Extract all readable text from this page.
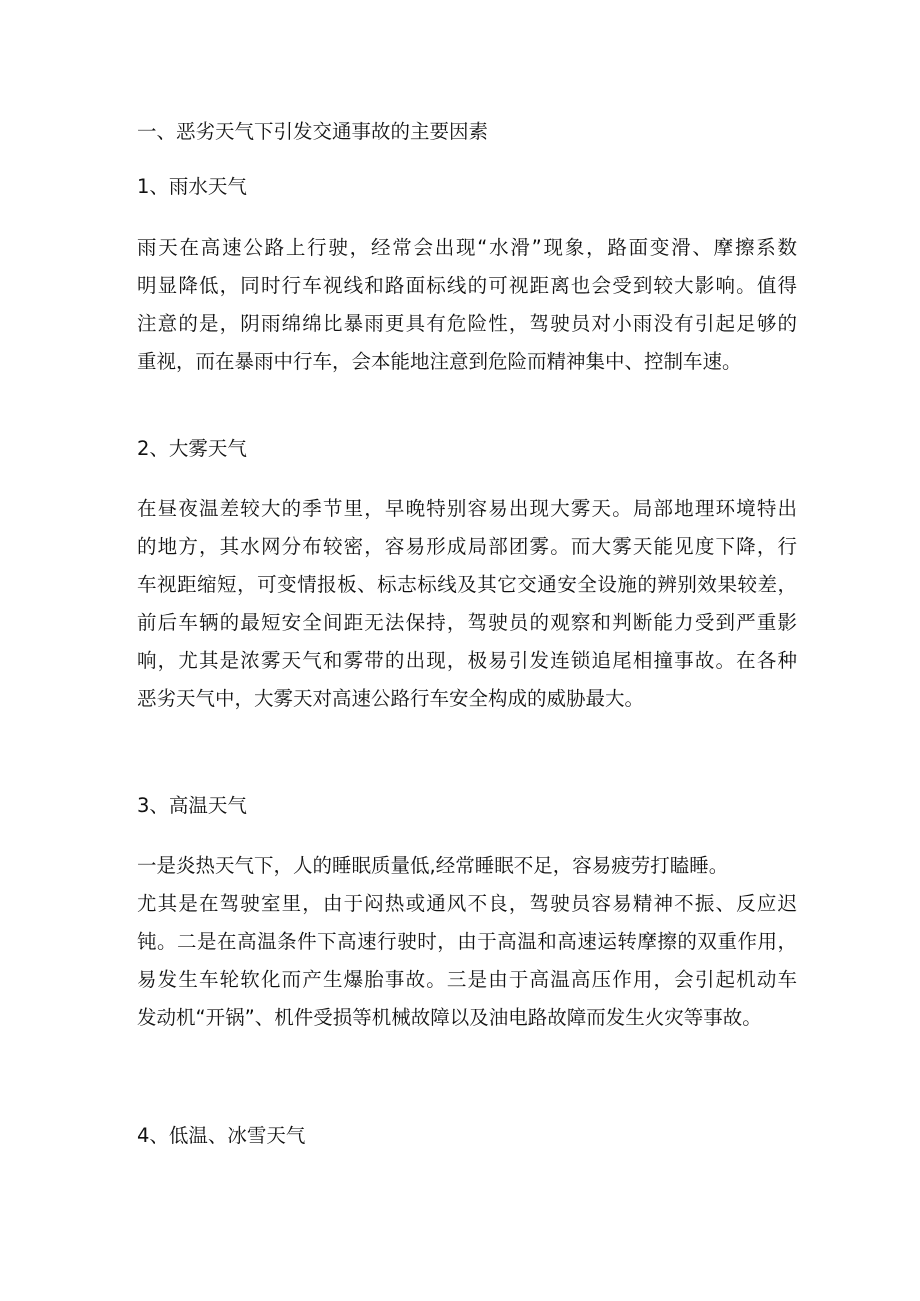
一、恶劣天气下引发交通事故的主要因素
1、雨水天气
雨天在高速公路上行驶，经常会出现“水滑”现象，路面变滑、摩擦系数
明显降低，同时行车视线和路面标线的可视距离也会受到较大影响。值得
注意的是，阴雨绵绵比暴雨更具有危险性，驾驶员对小雨没有引起足够的
重视，而在暴雨中行车，会本能地注意到危险而精神集中、控制车速。
2、大雾天气
在昼夜温差较大的季节里，早晚特别容易出现大雾天。局部地理环境特出
的地方，其水网分布较密，容易形成局部团雾。而大雾天能见度下降，行
车视距缩短，可变情报板、标志标线及其它交通安全设施的辨别效果较差，
前后车辆的最短安全间距无法保持，驾驶员的观察和判断能力受到严重影
响，尤其是浓雾天气和雾带的出现，极易引发连锁追尾相撞事故。在各种
恶劣天气中，大雾天对高速公路行车安全构成的威胁最大。
3、高温天气
一是炎热天气下，人的睡眠质量低,经常睡眠不足，容易疲劳打瞌睡。
尤其是在驾驶室里，由于闷热或通风不良，驾驶员容易精神不振、反应迟
钝。二是在高温条件下高速行驶时，由于高温和高速运转摩擦的双重作用，
易发生车轮软化而产生爆胎事故。三是由于高温高压作用，会引起机动车
发动机“开锅”、机件受损等机械故障以及油电路故障而发生火灾等事故。
4、低温、冰雪天气
